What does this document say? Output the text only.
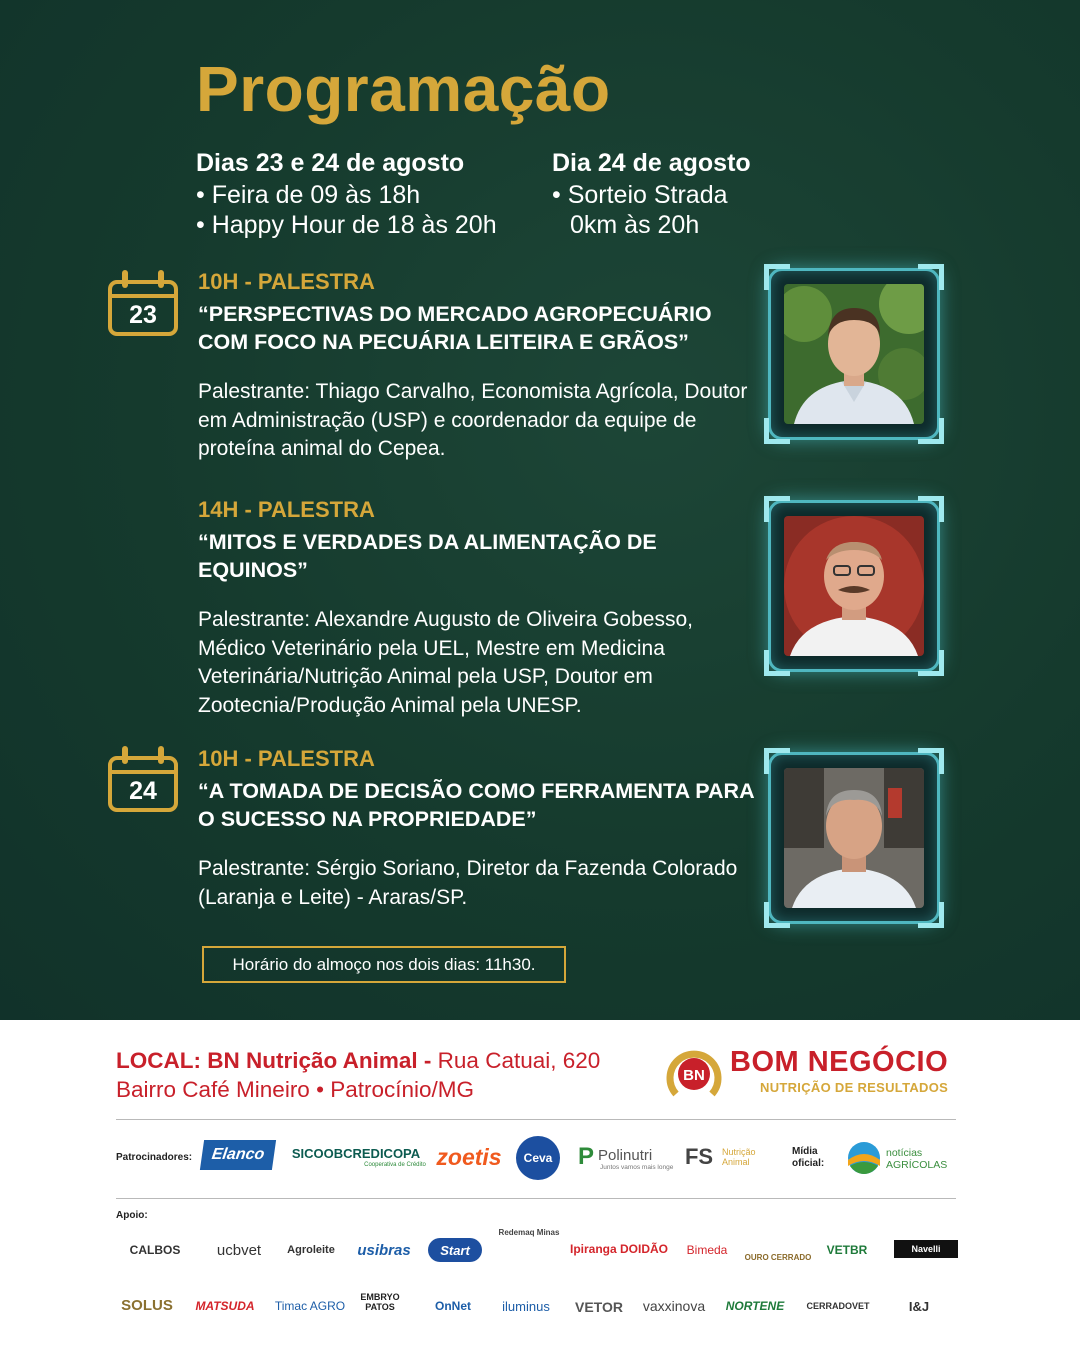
Programação
Dias 23 e 24 de agosto
• Feira de 09 às 18h
• Happy Hour de 18 às 20h
Dia 24 de agosto
• Sorteio Strada
0km às 20h
23
10H - PALESTRA
“PERSPECTIVAS DO MERCADO AGROPECUÁRIO COM FOCO NA PECUÁRIA LEITEIRA E GRÃOS”
Palestrante: Thiago Carvalho, Economista Agrícola, Doutor em Administração (USP) e coordenador da equipe de proteína animal do Cepea.
14H - PALESTRA
“MITOS E VERDADES DA ALIMENTAÇÃO DE EQUINOS”
Palestrante: Alexandre Augusto de Oliveira Gobesso, Médico Veterinário pela UEL, Mestre em Medicina Veterinária/Nutrição Animal pela USP, Doutor em Zootecnia/Produção Animal pela UNESP.
24
10H - PALESTRA
“A TOMADA DE DECISÃO COMO FERRAMENTA PARA O SUCESSO NA PROPRIEDADE”
Palestrante: Sérgio Soriano, Diretor da Fazenda Colorado (Laranja e Leite) - Araras/SP.
Horário do almoço nos dois dias: 11h30.
LOCAL: BN Nutrição Animal - Rua Catuai, 620
Bairro Café Mineiro • Patrocínio/MG
BN BOM NEGÓCIO
NUTRIÇÃO DE RESULTADOS
Patrocinadores:	Elanco	SICOOBCREDICOPA
Cooperativa de Crédito zoetis	Ceva	P Polinutri
Juntos vamos mais longe FS Nutrição Animal
Mídia oficial:
notícias AGRÍCOLAS
Apoio:
CALBOS	ucbvet	Agroleite	usibras	Start
Redemaq Minas
Ipiranga DOIDÃO	Bimeda
OURO CERRADO
VETBR	Navelli
SOLUS	MATSUDA	Timac AGRO
EMBRYO PATOS	OnNet	iluminus	VETOR	vaxxinova	NORTENE	CERRADOVET	I&J
